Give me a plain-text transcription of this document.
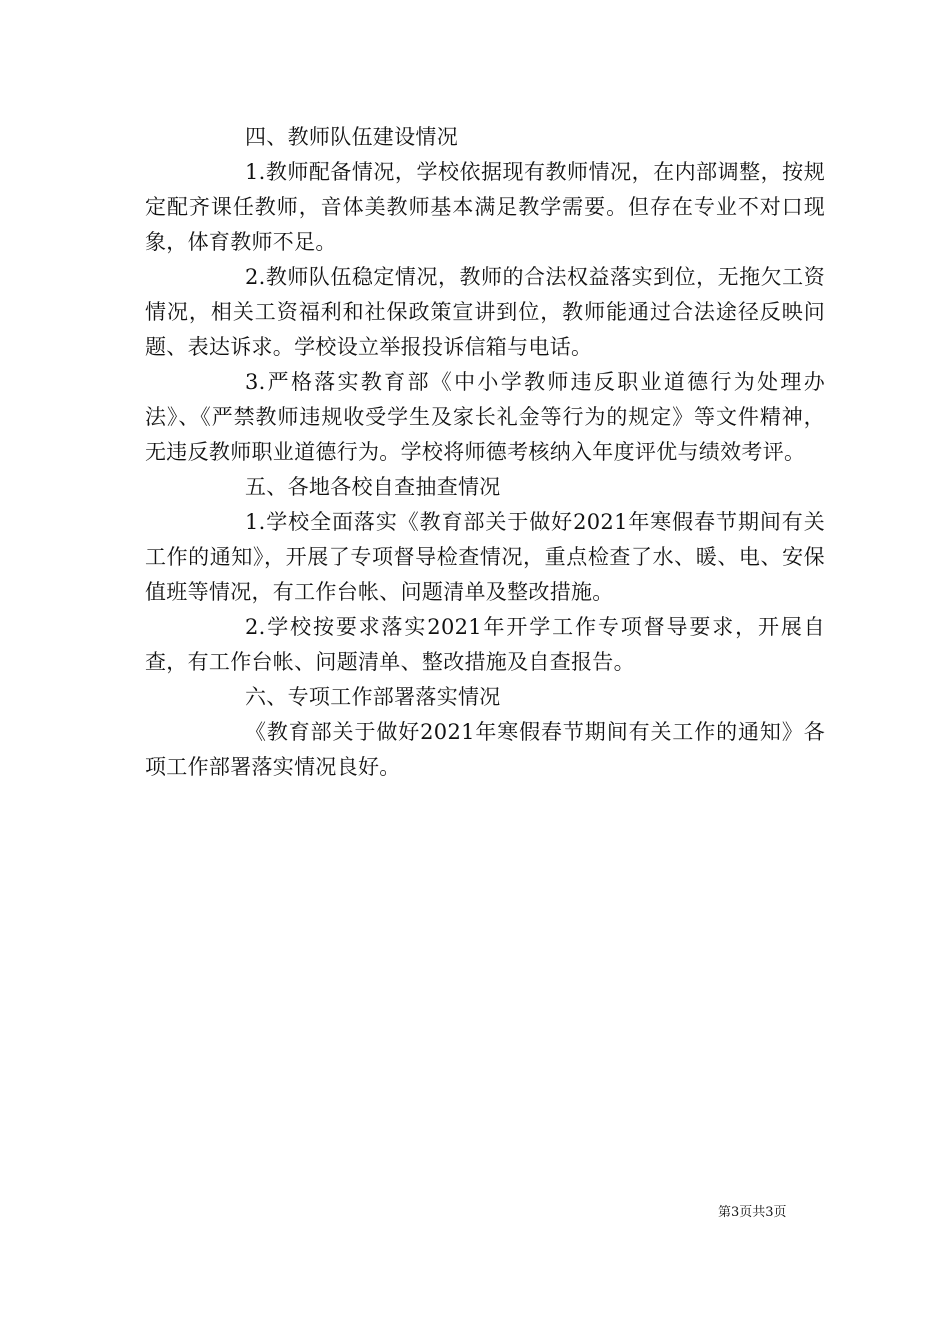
四、教师队伍建设情况

1.教师配备情况，学校依据现有教师情况，在内部调整，按规定配齐课任教师，音体美教师基本满足教学需要。但存在专业不对口现象，体育教师不足。

2.教师队伍稳定情况，教师的合法权益落实到位，无拖欠工资情况，相关工资福利和社保政策宣讲到位，教师能通过合法途径反映问题、表达诉求。学校设立举报投诉信箱与电话。

3.严格落实教育部《中小学教师违反职业道德行为处理办法》、《严禁教师违规收受学生及家长礼金等行为的规定》等文件精神，无违反教师职业道德行为。学校将师德考核纳入年度评优与绩效考评。

五、各地各校自查抽查情况

1.学校全面落实《教育部关于做好2021年寒假春节期间有关工作的通知》，开展了专项督导检查情况，重点检查了水、暖、电、安保值班等情况，有工作台帐、问题清单及整改措施。

2.学校按要求落实2021年开学工作专项督导要求，开展自查，有工作台帐、问题清单、整改措施及自查报告。

六、专项工作部署落实情况

《教育部关于做好2021年寒假春节期间有关工作的通知》各项工作部署落实情况良好。

第3页共3页
